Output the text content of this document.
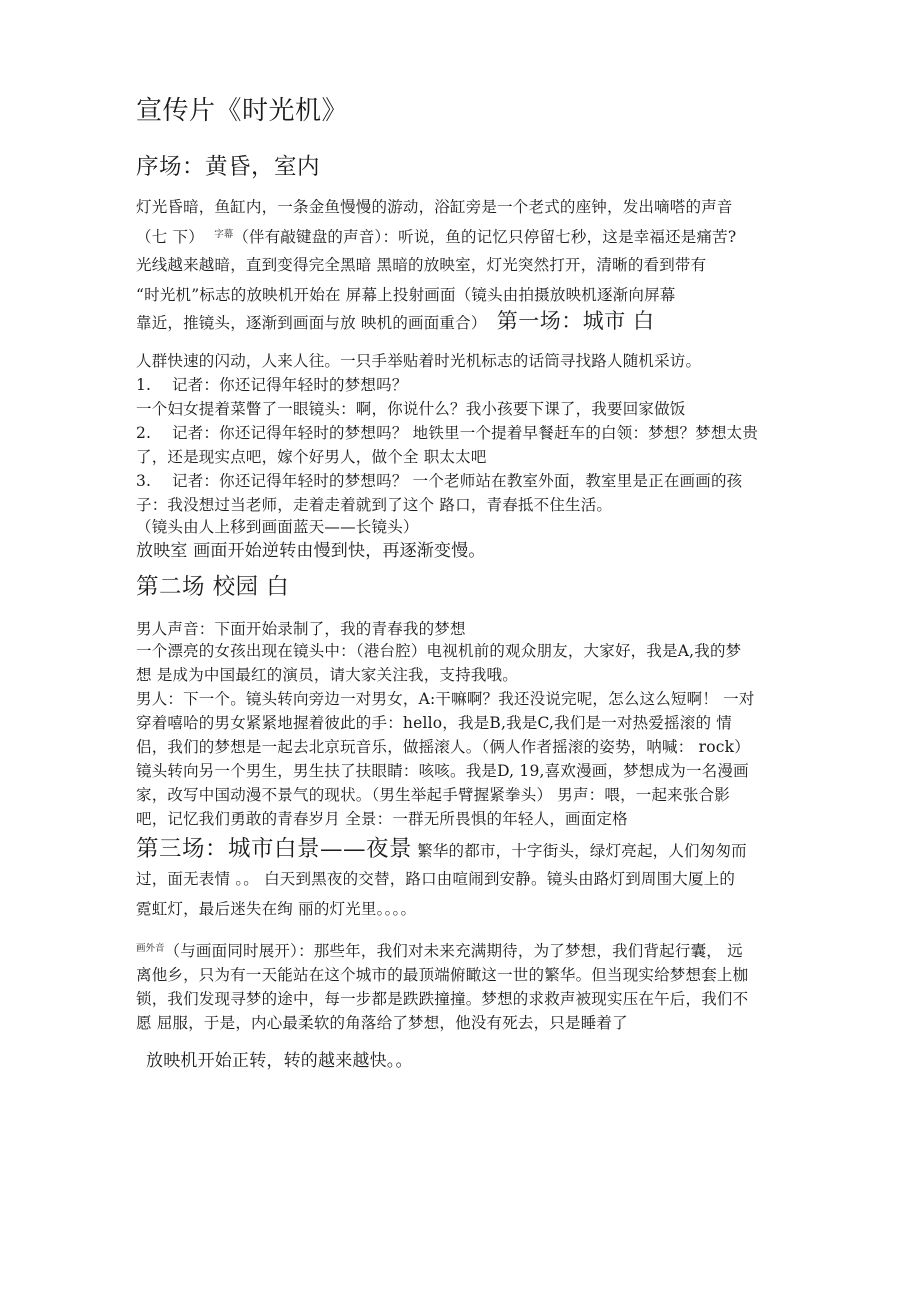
宣传片《时光机》
序场：黄昏，室内
灯光昏暗，鱼缸内，一条金鱼慢慢的游动，浴缸旁是一个老式的座钟，发出嘀嗒的声音
（七 下） $^{字幕}$（伴有敲键盘的声音）：听说，鱼的记忆只停留七秒，这是幸福还是痛苦?
光线越来越暗，直到变得完全黑暗 黑暗的放映室，灯光突然打开，清晰的看到带有
“时光机”标志的放映机开始在 屏幕上投射画面（镜头由拍摄放映机逐渐向屏幕
靠近，推镜头，逐渐到画面与放 映机的画面重合） 第一场：城市 白
人群快速的闪动，人来人往。一只手举贴着时光机标志的话筒寻找路人随机采访。
1.　 记者：你还记得年轻时的梦想吗？
一个妇女提着菜瞥了一眼镜头：啊，你说什么？我小孩要下课了，我要回家做饭
2.　 记者：你还记得年轻时的梦想吗？ 地铁里一个提着早餐赶车的白领：梦想？梦想太贵
了，还是现实点吧，嫁个好男人，做个全 职太太吧
3.　 记者：你还记得年轻时的梦想吗？ 一个老师站在教室外面，教室里是正在画画的孩
子：我没想过当老师，走着走着就到了这个 路口，青春抵不住生活。
（镜头由人上移到画面蓝天——长镜头）
放映室 画面开始逆转由慢到快，再逐渐变慢。
第二场 校园 白
男人声音：下面开始录制了，我的青春我的梦想
一个漂亮的女孩出现在镜头中：（港台腔）电视机前的观众朋友，大家好，我是A,我的梦
想 是成为中国最红的演员，请大家关注我，支持我哦。
男人：下一个。镜头转向旁边一对男女，A:干嘛啊？我还没说完呢，怎么这么短啊！ 一对
穿着嘻哈的男女紧紧地握着彼此的手：hello，我是B,我是C,我们是一对热爱摇滚的 情
侣，我们的梦想是一起去北京玩音乐，做摇滚人。（俩人作者摇滚的姿势，呐喊： rock）
镜头转向另一个男生，男生扶了扶眼睛：咳咳。我是D, 19,喜欢漫画，梦想成为一名漫画
家，改写中国动漫不景气的现状。（男生举起手臂握紧拳头） 男声：喂，一起来张合影
吧，记忆我们勇敢的青春岁月 全景：一群无所畏惧的年轻人，画面定格
第三场：城市白景——夜景 繁华的都市，十字街头，绿灯亮起，人们匆匆而
过，面无表情 。。 白天到黑夜的交替，路口由喧闹到安静。镜头由路灯到周围大厦上的
霓虹灯，最后迷失在绚 丽的灯光里。。。。
$^{画外音}$（与画面同时展开）：那些年，我们对未来充满期待，为了梦想，我们背起行囊， 远
离他乡，只为有一天能站在这个城市的最顶端俯瞰这一世的繁华。但当现实给梦想套上枷
锁，我们发现寻梦的途中，每一步都是跌跌撞撞。梦想的求救声被现实压在午后，我们不
愿 屈服，于是，内心最柔软的角落给了梦想，他没有死去，只是睡着了
放映机开始正转，转的越来越快。。
